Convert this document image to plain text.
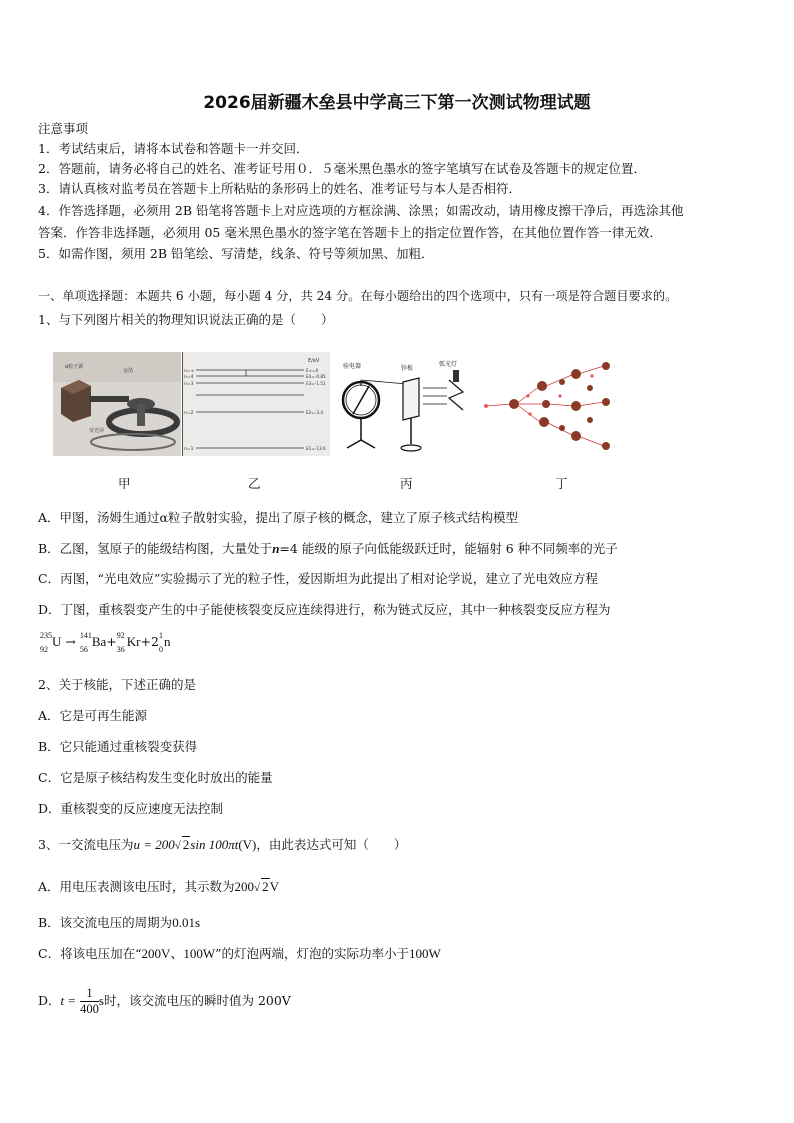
2026届新疆木垒县中学高三下第一次测试物理试题
注意事项
1．考试结束后，请将本试卷和答题卡一并交回．
2．答题前，请务必将自己的姓名、准考证号用０．５毫米黑色墨水的签字笔填写在试卷及答题卡的规定位置．
3．请认真核对监考员在答题卡上所粘贴的条形码上的姓名、准考证号与本人是否相符．
4．作答选择题，必须用 2B 铅笔将答题卡上对应选项的方框涂满、涂黑；如需改动，请用橡皮擦干净后，再选涂其他
答案．作答非选择题，必须用 05 毫米黑色墨水的签字笔在答题卡上的指定位置作答，在其他位置作答一律无效．
5．如需作图，须用 2B 铅笔绘、写清楚，线条、符号等须加黑、加粗．
一、单项选择题：本题共 6 小题，每小题 4 分，共 24 分。在每小题给出的四个选项中，只有一项是符合题目要求的。
1、与下列图片相关的物理知识说法正确的是（　　）
α粒子源
金箔
荧光屏
E/eV
n=∞
n=4
n=3
n=2
n=1
E∞=0
E4=-0.85
E3=-1.51
E2=-3.4
E1=-13.6
验电器	锌板
弧光灯
甲	乙	丙	丁
A．甲图，汤姆生通过α粒子散射实验，提出了原子核的概念，建立了原子核式结构模型
B．乙图，氢原子的能级结构图，大量处于n=4 能级的原子向低能级跃迁时，能辐射 6 种不同频率的光子
C．丙图，“光电效应”实验揭示了光的粒子性，爱因斯坦为此提出了相对论学说，建立了光电效应方程
D．丁图，重核裂变产生的中子能使核裂变反应连续得进行，称为链式反应，其中一种核裂变反应方程为
235
92
U → 141
56
Ba+ 92
36
Kr+2 1
0
n
2、关于核能，下述正确的是
A．它是可再生能源
B．它只能通过重核裂变获得
C．它是原子核结构发生变化时放出的能量
D．重核裂变的反应速度无法控制
3、一交流电压为u = 200√ 2sin 100πt(V)，由此表达式可知（　　）
A．用电压表测该电压时，其示数为200√ 2V
B．该交流电压的周期为0.01s
C．将该电压加在“200V、100W”的灯泡两端，灯泡的实际功率小于100W
D．$t = \frac{1}{400}$ s时，该交流电压的瞬时值为 200V
